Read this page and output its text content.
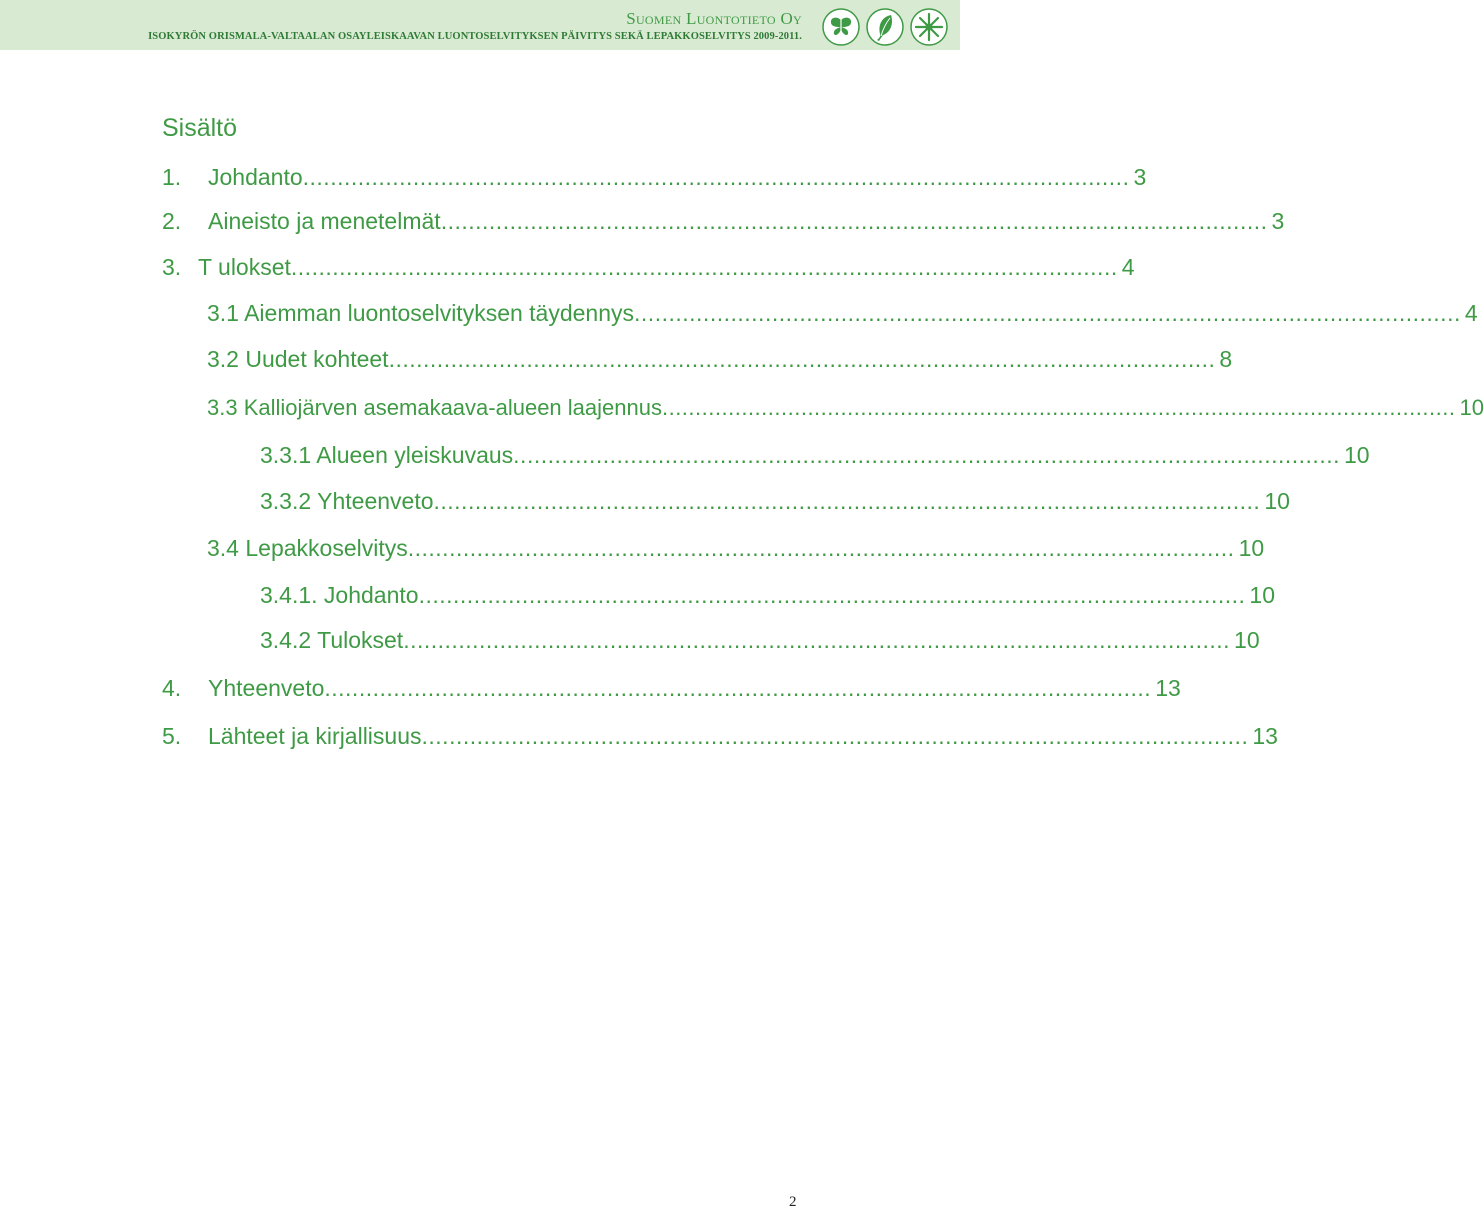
Suomen Luontotieto Oy
ISOKYRÖN ORISMALA-VALTAALAN OSAYLEISKAAVAN LUONTOSELVITYKSEN PÄIVITYS SEKÄ LEPAKKOSELVITYS 2009-2011.
Sisältö
1.	Johdanto ........................................................................................................................ 3
2.	Aineisto ja menetelmät ........................................................................................................................ 3
3. T ulokset ........................................................................................................................ 4
3.1 Aiemman luontoselvityksen täydennys ........................................................................................................................ 4
3.2 Uudet kohteet ........................................................................................................................ 8
3.3 Kalliojärven asemakaava-alueen laajennus ........................................................................................................................ 10
3.3.1 Alueen yleiskuvaus ........................................................................................................................ 10
3.3.2 Yhteenveto ........................................................................................................................ 10
3.4 Lepakkoselvitys ........................................................................................................................ 10
3.4.1. Johdanto ........................................................................................................................ 10
3.4.2 Tulokset ........................................................................................................................ 10
4.	Yhteenveto ........................................................................................................................ 13
5.	Lähteet ja kirjallisuus ........................................................................................................................ 13
2
